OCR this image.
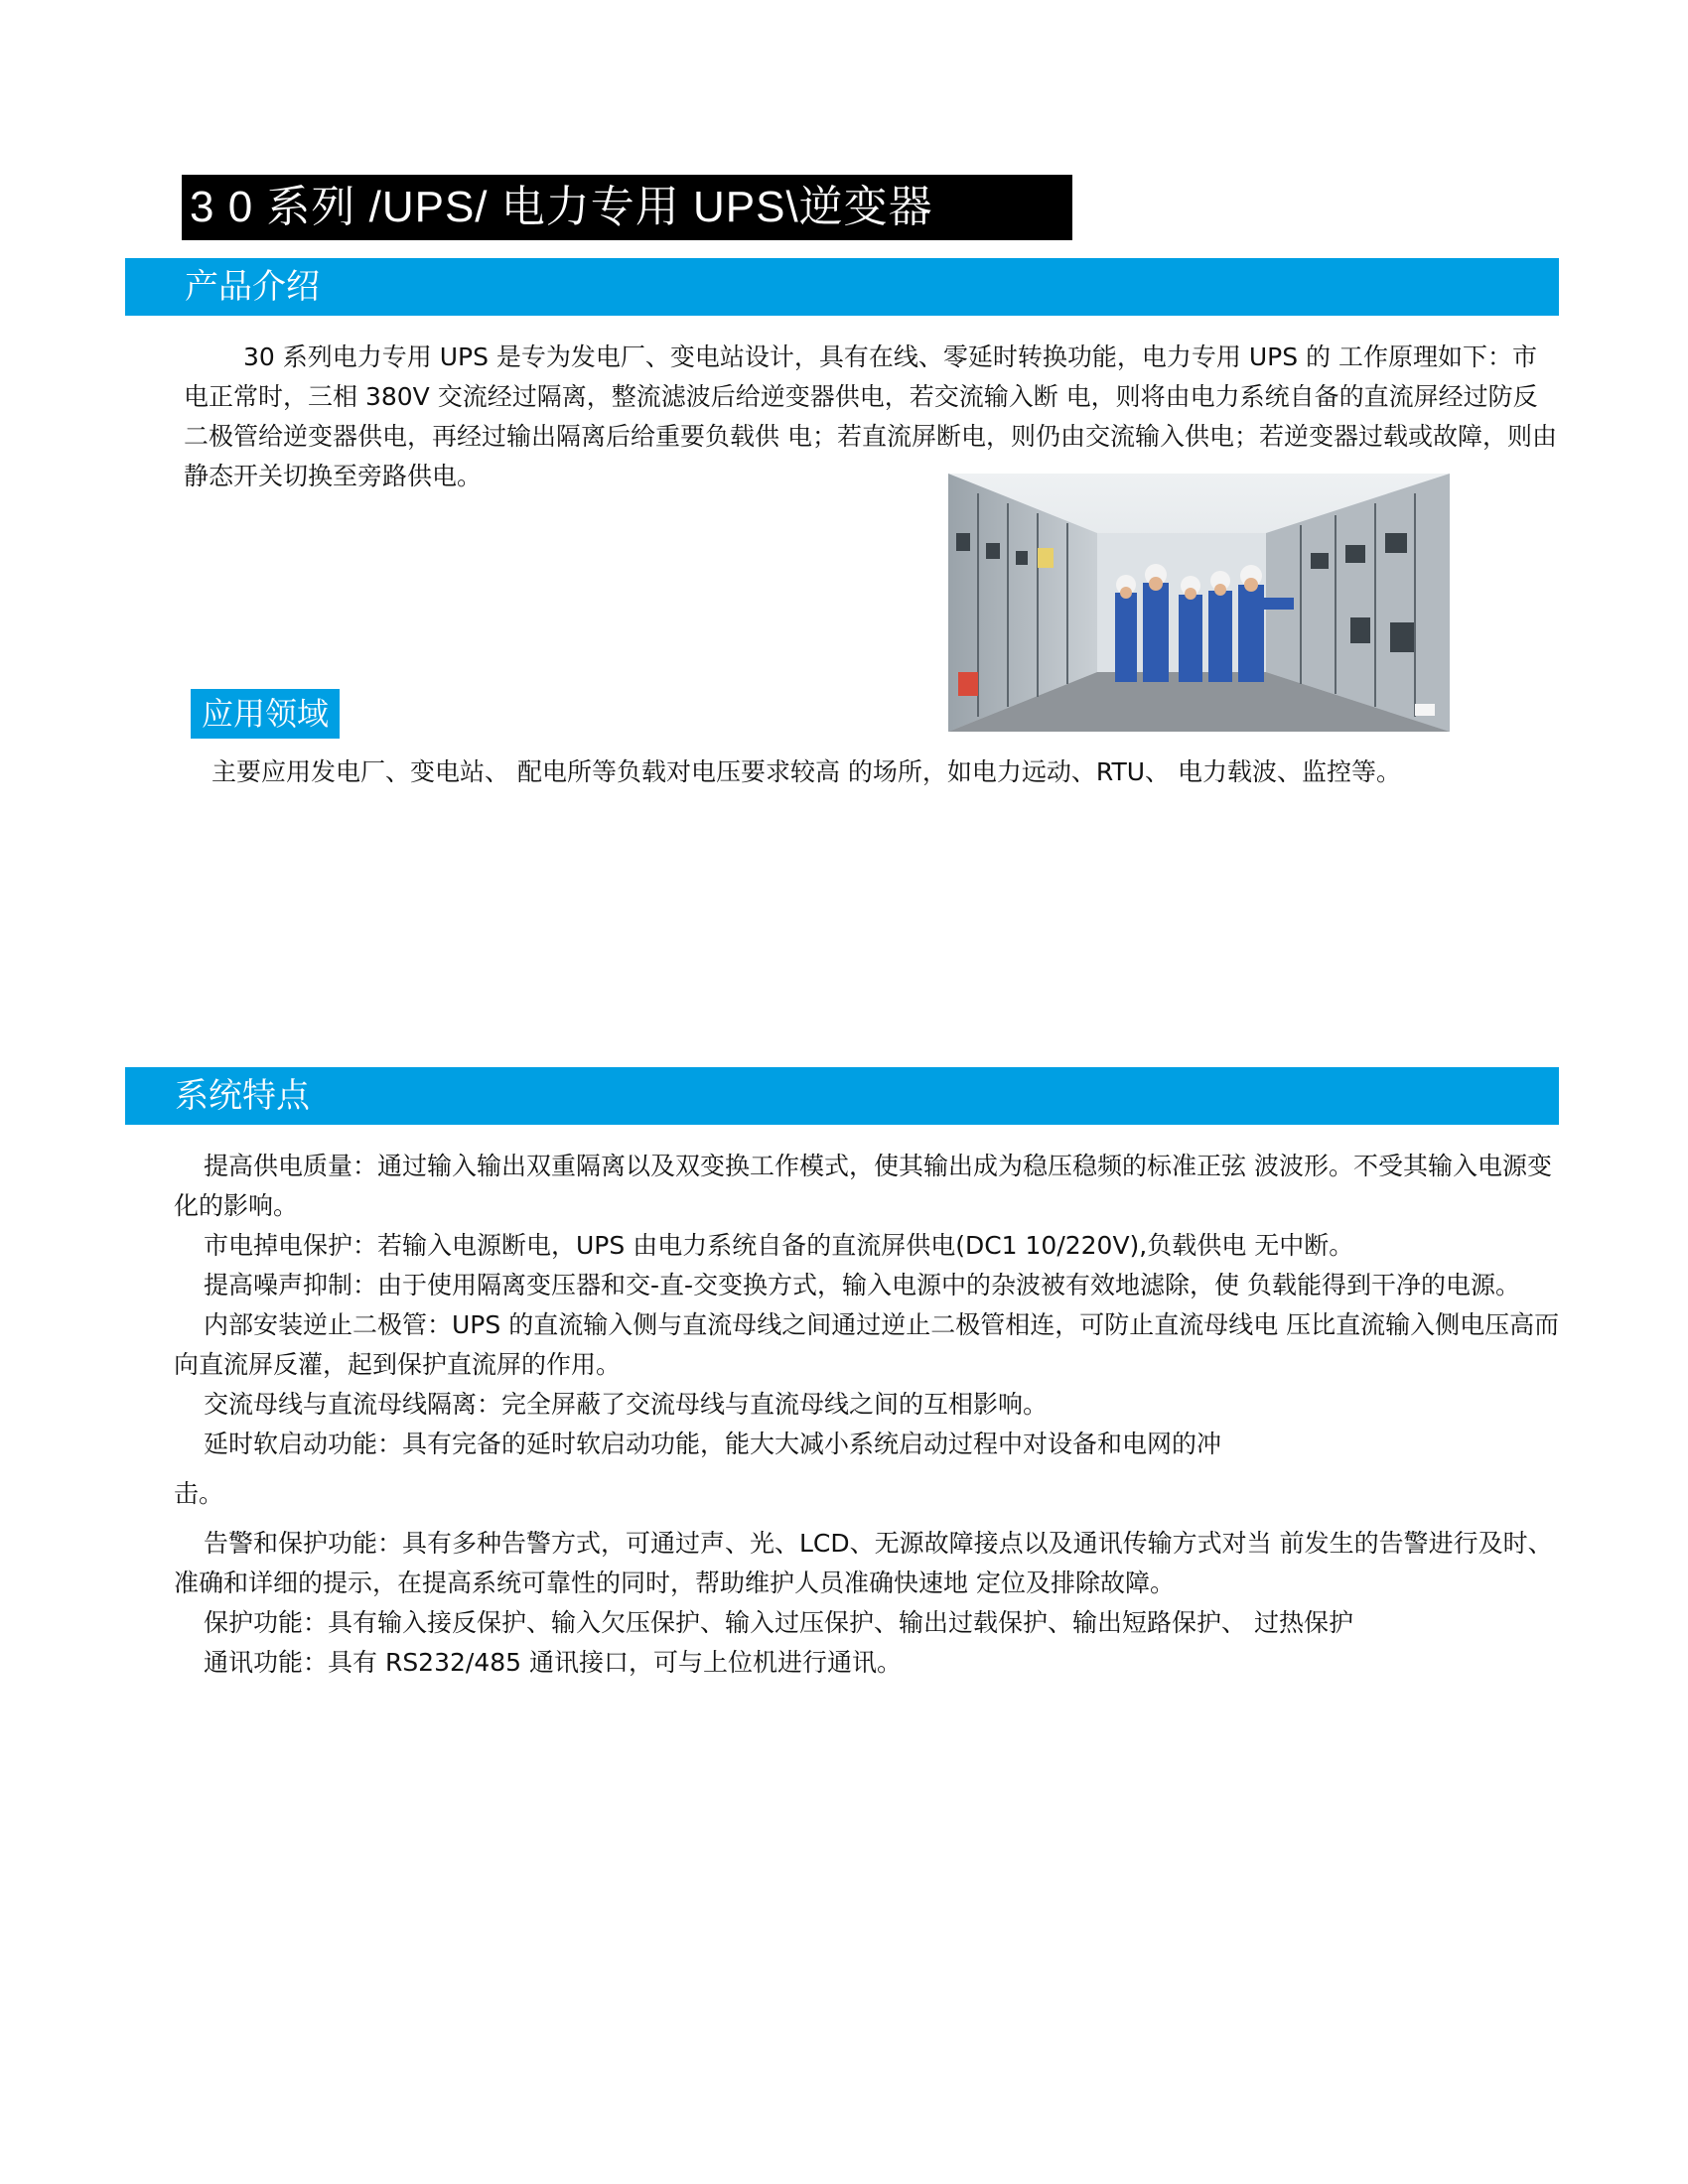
3 0 系列 /UPS/ 电力专用 UPS\逆变器
产品介绍

30 系列电力专用 UPS 是专为发电厂、变电站设计，具有在线、零延时转换功能，电力专用 UPS 的 工作原理如下：市电正常时，三相 380V 交流经过隔离，整流滤波后给逆变器供电，若交流输入断 电，则将由电力系统自备的直流屏经过防反二极管给逆变器供电，再经过输出隔离后给重要负载供 电；若直流屏断电，则仍由交流输入供电；若逆变器过载或故障，则由静态开关切换至旁路供电。

应用领域

主要应用发电厂、变电站、 配电所等负载对电压要求较高 的场所，如电力远动、RTU、 电力载波、监控等。

系统特点

提高供电质量：通过输入输出双重隔离以及双变换工作模式，使其输出成为稳压稳频的标准正弦 波波形。不受其输入电源变化的影响。

市电掉电保护：若输入电源断电，UPS 由电力系统自备的直流屏供电(DC1 10/220V),负载供电 无中断。

提高噪声抑制：由于使用隔离变压器和交-直-交变换方式，输入电源中的杂波被有效地滤除，使 负载能得到干净的电源。

内部安装逆止二极管：UPS 的直流输入侧与直流母线之间通过逆止二极管相连，可防止直流母线电 压比直流输入侧电压高而向直流屏反灌，起到保护直流屏的作用。

交流母线与直流母线隔离：完全屏蔽了交流母线与直流母线之间的互相影响。

延时软启动功能：具有完备的延时软启动功能，能大大减小系统启动过程中对设备和电网的冲

击。

告警和保护功能：具有多种告警方式，可通过声、光、LCD、无源故障接点以及通讯传输方式对当 前发生的告警进行及时、准确和详细的提示，在提高系统可靠性的同时，帮助维护人员准确快速地 定位及排除故障。

保护功能：具有输入接反保护、输入欠压保护、输入过压保护、输出过载保护、输出短路保护、 过热保护

通讯功能：具有 RS232/485 通讯接口，可与上位机进行通讯。
